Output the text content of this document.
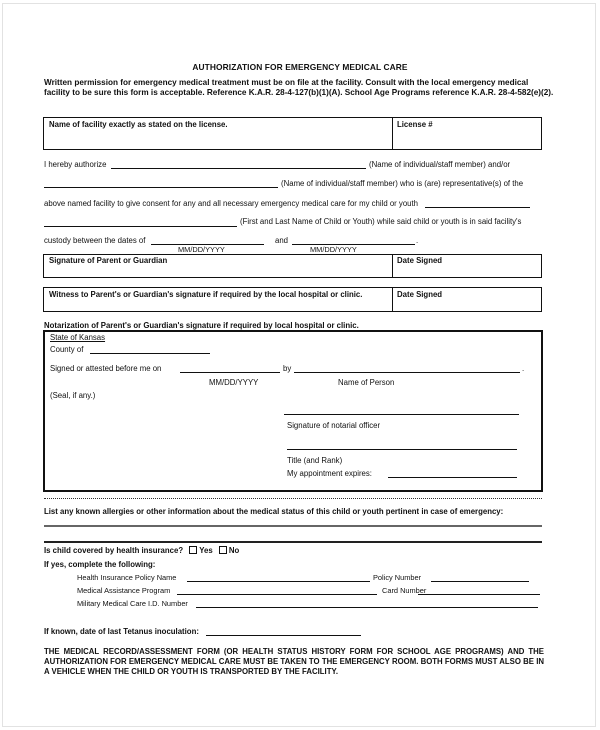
AUTHORIZATION FOR EMERGENCY MEDICAL CARE
Written permission for emergency medical treatment must be on file at the facility. Consult with the local emergency medical facility to be sure this form is acceptable. Reference K.A.R. 28-4-127(b)(1)(A). School Age Programs reference K.A.R. 28-4-582(e)(2).
Name of facility exactly as stated on the license.	License #
I hereby authorize	(Name of individual/staff member) and/or
(Name of individual/staff member) who is (are) representative(s) of the
above named facility to give consent for any and all necessary emergency medical care for my child or youth
(First and Last Name of Child or Youth) while said child or youth is in said facility's
custody between the dates of	and	.
MM/DD/YYYY	MM/DD/YYYY
Signature of Parent or Guardian	Date Signed
Witness to Parent's or Guardian's signature if required by the local hospital or clinic.	Date Signed
Notarization of Parent's or Guardian's signature if required by local hospital or clinic.
State of Kansas
County of
Signed or attested before me on	by	.
MM/DD/YYYY	Name of Person
(Seal, if any.)
Signature of notarial officer
Title (and Rank)
My appointment expires:
List any known allergies or other information about the medical status of this child or youth pertinent in case of emergency:
Is child covered by health insurance? Yes No
If yes, complete the following:
Health Insurance Policy Name	Policy Number
Medical Assistance Program	Card Number
Military Medical Care I.D. Number
If known, date of last Tetanus inoculation:
THE MEDICAL RECORD/ASSESSMENT FORM (OR HEALTH STATUS HISTORY FORM FOR SCHOOL AGE PROGRAMS) AND THE AUTHORIZATION FOR EMERGENCY MEDICAL CARE MUST BE TAKEN TO THE EMERGENCY ROOM. BOTH FORMS MUST ALSO BE IN A VEHICLE WHEN THE CHILD OR YOUTH IS TRANSPORTED BY THE FACILITY.
